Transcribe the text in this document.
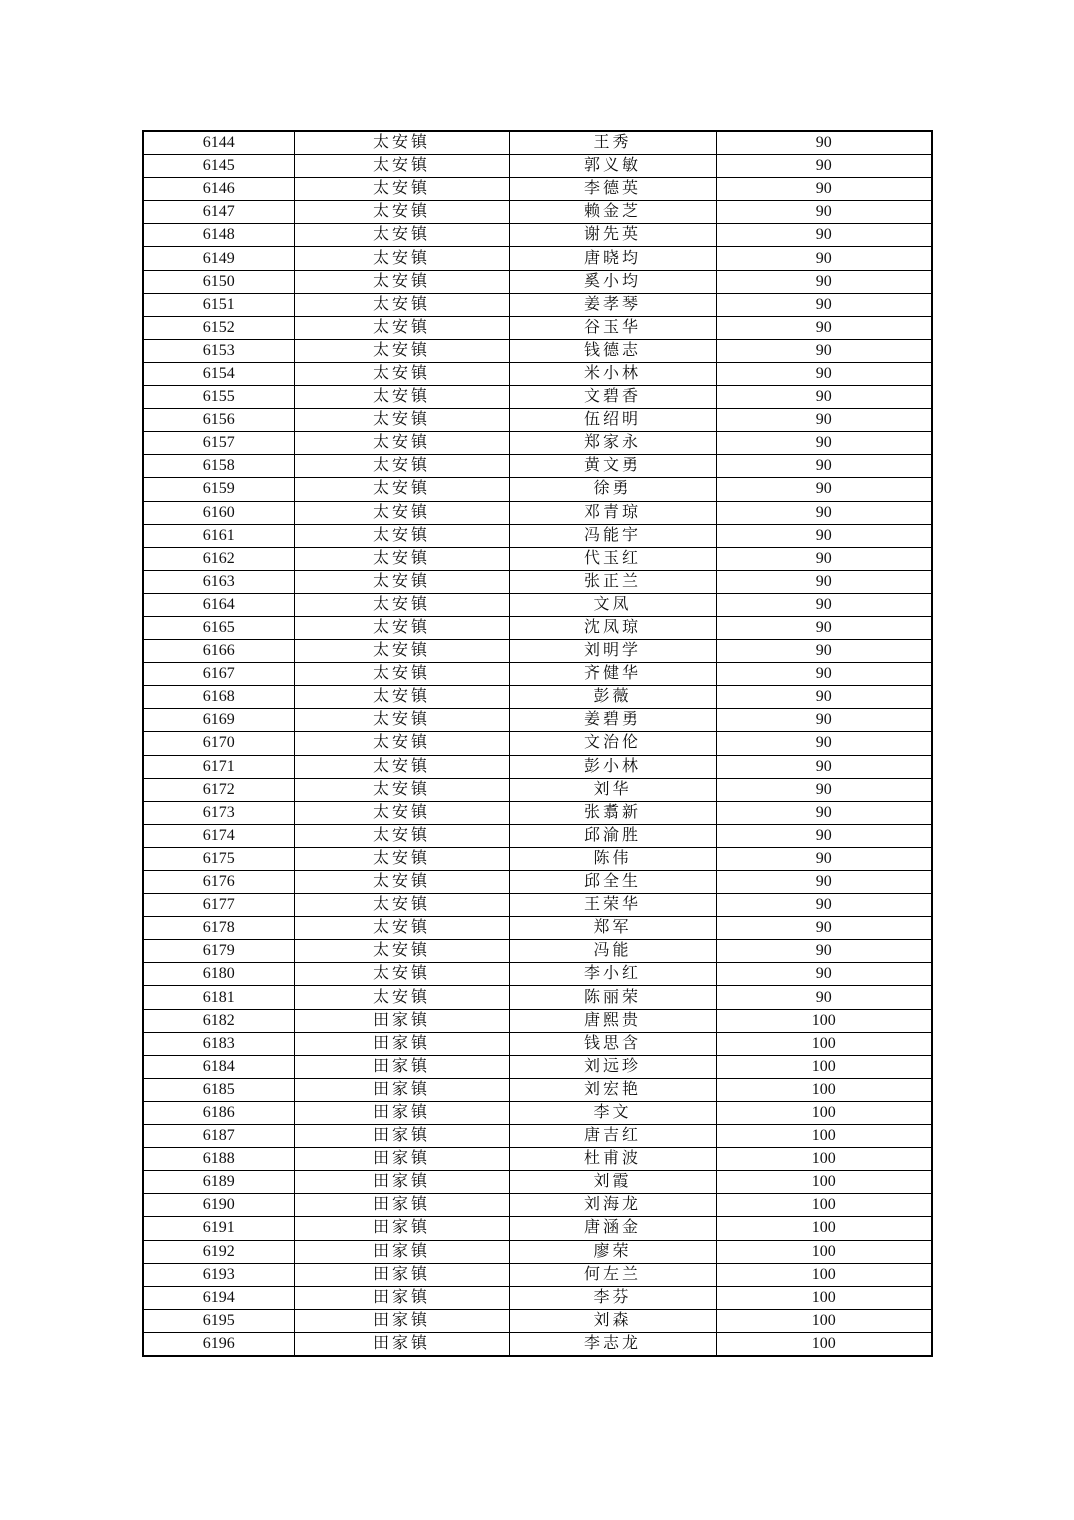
6144	太安镇	王秀	90
6145	太安镇	郭义敏	90
6146	太安镇	李德英	90
6147	太安镇	赖金芝	90
6148	太安镇	谢先英	90
6149	太安镇	唐晓均	90
6150	太安镇	奚小均	90
6151	太安镇	姜孝琴	90
6152	太安镇	谷玉华	90
6153	太安镇	钱德志	90
6154	太安镇	米小林	90
6155	太安镇	文碧香	90
6156	太安镇	伍绍明	90
6157	太安镇	郑家永	90
6158	太安镇	黄文勇	90
6159	太安镇	徐勇	90
6160	太安镇	邓青琼	90
6161	太安镇	冯能宇	90
6162	太安镇	代玉红	90
6163	太安镇	张正兰	90
6164	太安镇	文凤	90
6165	太安镇	沈凤琼	90
6166	太安镇	刘明学	90
6167	太安镇	齐健华	90
6168	太安镇	彭薇	90
6169	太安镇	姜碧勇	90
6170	太安镇	文治伦	90
6171	太安镇	彭小林	90
6172	太安镇	刘华	90
6173	太安镇	张翥新	90
6174	太安镇	邱渝胜	90
6175	太安镇	陈伟	90
6176	太安镇	邱全生	90
6177	太安镇	王荣华	90
6178	太安镇	郑军	90
6179	太安镇	冯能	90
6180	太安镇	李小红	90
6181	太安镇	陈丽荣	90
6182	田家镇	唐熙贵	100
6183	田家镇	钱思含	100
6184	田家镇	刘远珍	100
6185	田家镇	刘宏艳	100
6186	田家镇	李文	100
6187	田家镇	唐吉红	100
6188	田家镇	杜甫波	100
6189	田家镇	刘霞	100
6190	田家镇	刘海龙	100
6191	田家镇	唐涵金	100
6192	田家镇	廖荣	100
6193	田家镇	何左兰	100
6194	田家镇	李芬	100
6195	田家镇	刘森	100
6196	田家镇	李志龙	100
